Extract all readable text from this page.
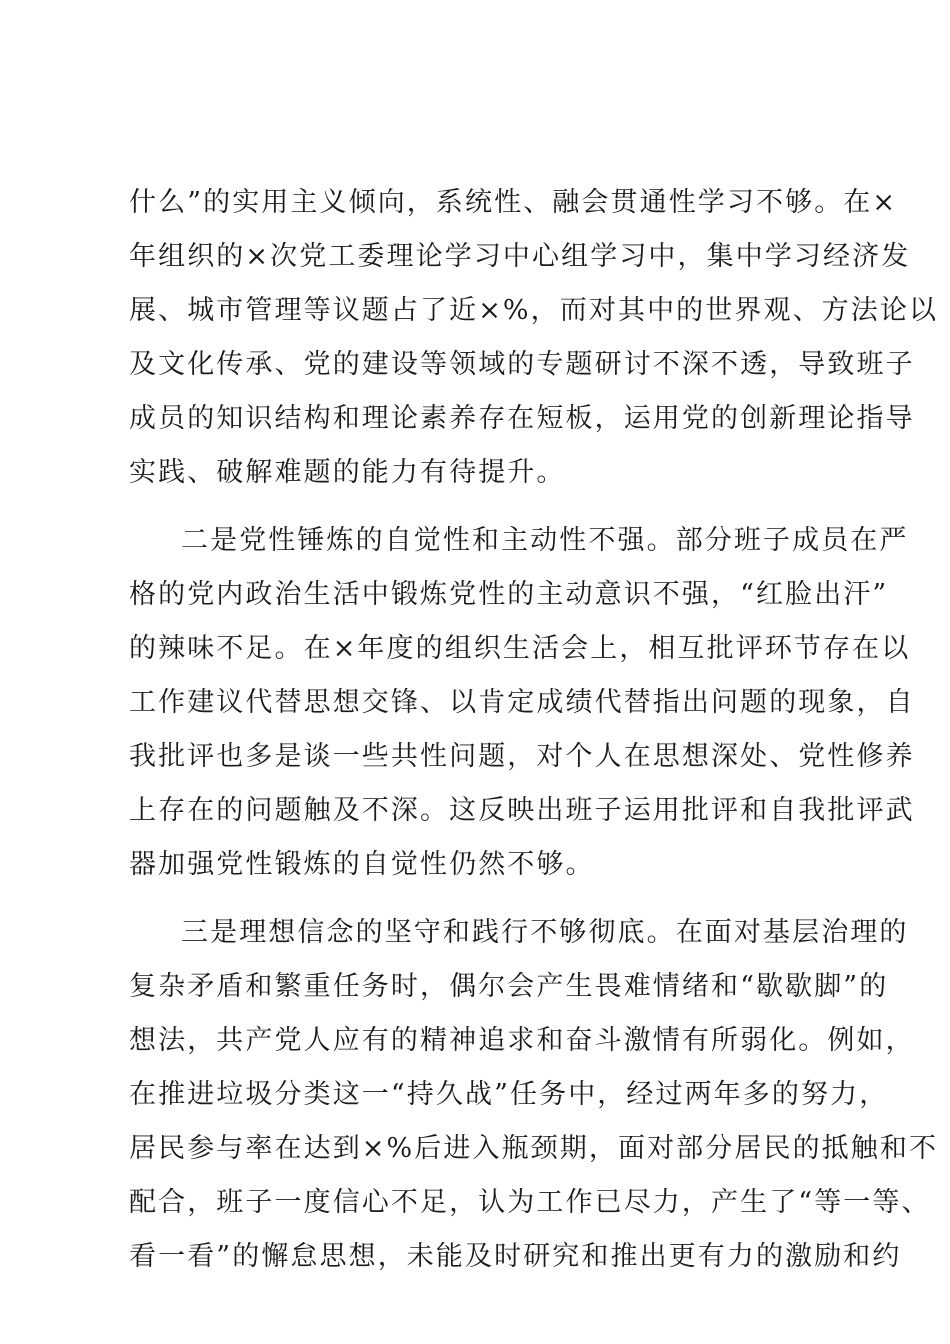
什么”的实用主义倾向，系统性、融会贯通性学习不够。在×
年组织的×次党工委理论学习中心组学习中，集中学习经济发
展、城市管理等议题占了近×%，而对其中的世界观、方法论以
及文化传承、党的建设等领域的专题研讨不深不透，导致班子
成员的知识结构和理论素养存在短板，运用党的创新理论指导
实践、破解难题的能力有待提升。
二是党性锤炼的自觉性和主动性不强。部分班子成员在严
格的党内政治生活中锻炼党性的主动意识不强，“红脸出汗”
的辣味不足。在×年度的组织生活会上，相互批评环节存在以
工作建议代替思想交锋、以肯定成绩代替指出问题的现象，自
我批评也多是谈一些共性问题，对个人在思想深处、党性修养
上存在的问题触及不深。这反映出班子运用批评和自我批评武
器加强党性锻炼的自觉性仍然不够。
三是理想信念的坚守和践行不够彻底。在面对基层治理的
复杂矛盾和繁重任务时，偶尔会产生畏难情绪和“歇歇脚”的
想法，共产党人应有的精神追求和奋斗激情有所弱化。例如，
在推进垃圾分类这一“持久战”任务中，经过两年多的努力，
居民参与率在达到×%后进入瓶颈期，面对部分居民的抵触和不
配合，班子一度信心不足，认为工作已尽力，产生了“等一等、
看一看”的懈怠思想，未能及时研究和推出更有力的激励和约
